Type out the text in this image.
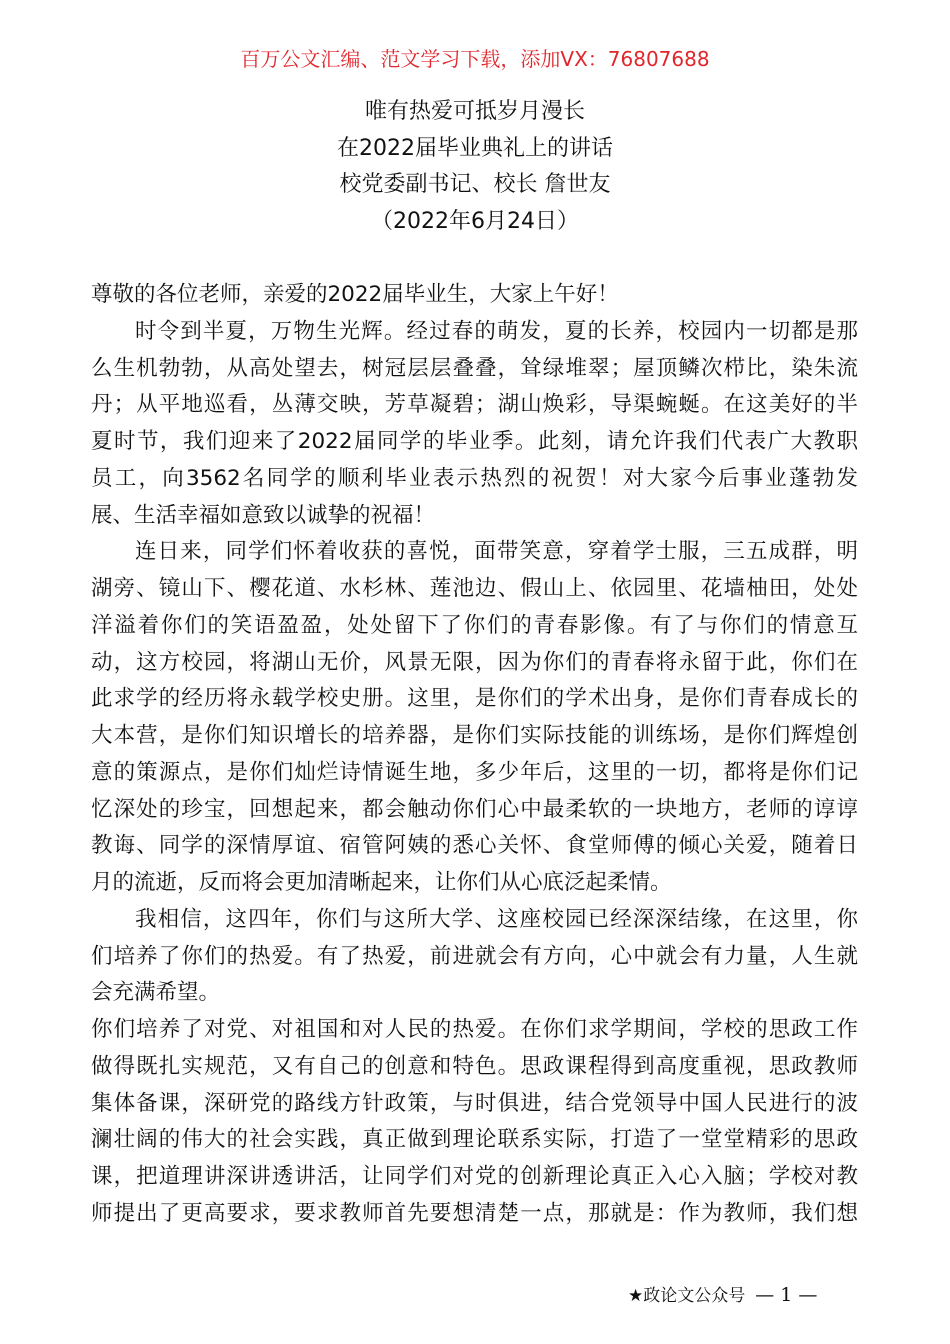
百万公文汇编、范文学习下载，添加VX：76807688
唯有热爱可抵岁月漫长
在2022届毕业典礼上的讲话
校党委副书记、校长 詹世友
（2022年6月24日）
尊敬的各位老师，亲爱的2022届毕业生，大家上午好！
时令到半夏，万物生光辉。经过春的萌发，夏的长养，校园内一切都是那
么生机勃勃，从高处望去，树冠层层叠叠，耸绿堆翠；屋顶鳞次栉比，染朱流
丹；从平地巡看，丛薄交映，芳草凝碧；湖山焕彩，导渠蜿蜒。在这美好的半
夏时节，我们迎来了2022届同学的毕业季。此刻，请允许我们代表广大教职
员工，向3562名同学的顺利毕业表示热烈的祝贺！对大家今后事业蓬勃发
展、生活幸福如意致以诚挚的祝福！
连日来，同学们怀着收获的喜悦，面带笑意，穿着学士服，三五成群，明
湖旁、镜山下、樱花道、水杉林、莲池边、假山上、依园里、花墙柚田，处处
洋溢着你们的笑语盈盈，处处留下了你们的青春影像。有了与你们的情意互
动，这方校园，将湖山无价，风景无限，因为你们的青春将永留于此，你们在
此求学的经历将永载学校史册。这里，是你们的学术出身，是你们青春成长的
大本营，是你们知识增长的培养器，是你们实际技能的训练场，是你们辉煌创
意的策源点，是你们灿烂诗情诞生地，多少年后，这里的一切，都将是你们记
忆深处的珍宝，回想起来，都会触动你们心中最柔软的一块地方，老师的谆谆
教诲、同学的深情厚谊、宿管阿姨的悉心关怀、食堂师傅的倾心关爱，随着日
月的流逝，反而将会更加清晰起来，让你们从心底泛起柔情。
我相信，这四年，你们与这所大学、这座校园已经深深结缘，在这里，你
们培养了你们的热爱。有了热爱，前进就会有方向，心中就会有力量，人生就
会充满希望。
你们培养了对党、对祖国和对人民的热爱。在你们求学期间，学校的思政工作
做得既扎实规范，又有自己的创意和特色。思政课程得到高度重视，思政教师
集体备课，深研党的路线方针政策，与时俱进，结合党领导中国人民进行的波
澜壮阔的伟大的社会实践，真正做到理论联系实际，打造了一堂堂精彩的思政
课，把道理讲深讲透讲活，让同学们对党的创新理论真正入心入脑；学校对教
师提出了更高要求，要求教师首先要想清楚一点，那就是：作为教师，我们想
★政论文公众号 — 1 —
